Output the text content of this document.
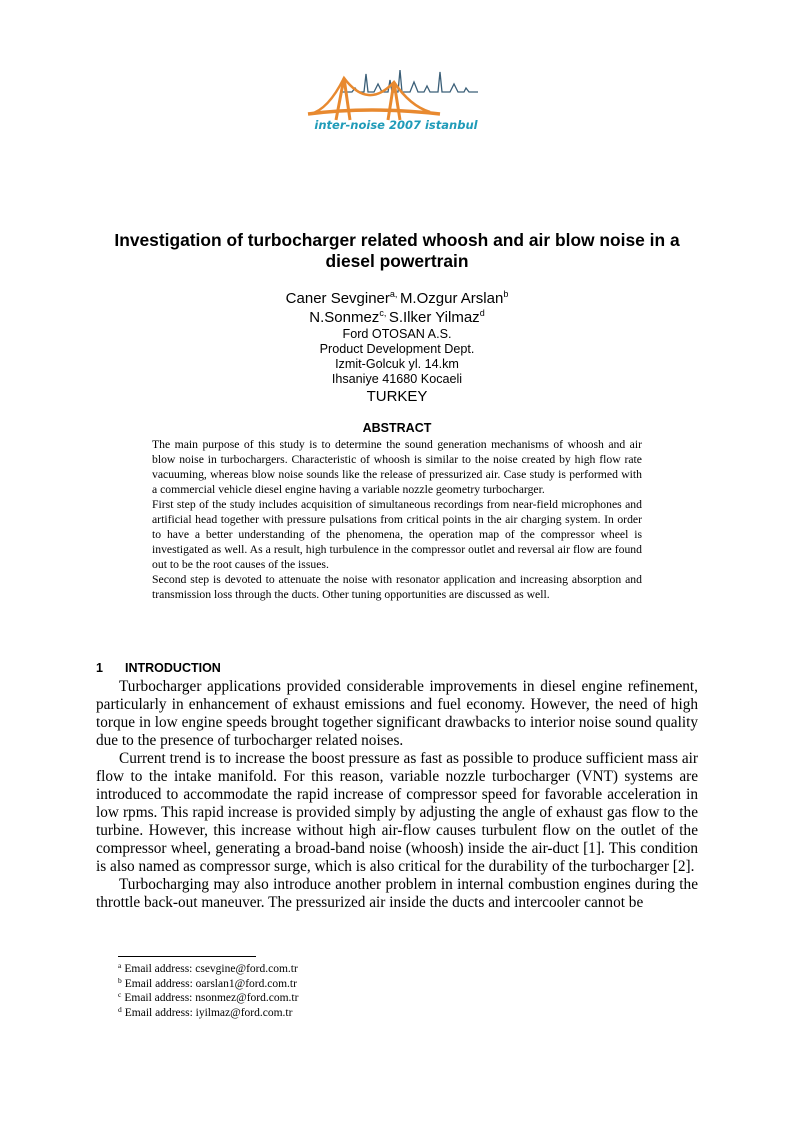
inter-noise 2007 istanbul
Investigation of turbocharger related whoosh and air blow noise in a diesel powertrain
Caner Sevginer$^{a,}$ M.Ozgur Arslan$^b$
N.Sonmez$^{c,}$ S.Ilker Yilmaz$^d$
Ford OTOSAN A.S.
Product Development Dept.
Izmit-Golcuk yl. 14.km
Ihsaniye 41680 Kocaeli
TURKEY
ABSTRACT

The main purpose of this study is to determine the sound generation mechanisms of whoosh and air blow noise in turbochargers. Characteristic of whoosh is similar to the noise created by high flow rate vacuuming, whereas blow noise sounds like the release of pressurized air. Case study is performed with a commercial vehicle diesel engine having a variable nozzle geometry turbocharger.

First step of the study includes acquisition of simultaneous recordings from near-field microphones and artificial head together with pressure pulsations from critical points in the air charging system. In order to have a better understanding of the phenomena, the operation map of the compressor wheel is investigated as well. As a result, high turbulence in the compressor outlet and reversal air flow are found out to be the root causes of the issues.

Second step is devoted to attenuate the noise with resonator application and increasing absorption and transmission loss through the ducts. Other tuning opportunities are discussed as well.

1 INTRODUCTION

Turbocharger applications provided considerable improvements in diesel engine refinement, particularly in enhancement of exhaust emissions and fuel economy. However, the need of high torque in low engine speeds brought together significant drawbacks to interior noise sound quality due to the presence of turbocharger related noises.

Current trend is to increase the boost pressure as fast as possible to produce sufficient mass air flow to the intake manifold. For this reason, variable nozzle turbocharger (VNT) systems are introduced to accommodate the rapid increase of compressor speed for favorable acceleration in low rpms. This rapid increase is provided simply by adjusting the angle of exhaust gas flow to the turbine. However, this increase without high air-flow causes turbulent flow on the outlet of the compressor wheel, generating a broad-band noise (whoosh) inside the air-duct [1]. This condition is also named as compressor surge, which is also critical for the durability of the turbocharger [2].

Turbocharging may also introduce another problem in internal combustion engines during the throttle back-out maneuver. The pressurized air inside the ducts and intercooler cannot be

$^a$ Email address: csevgine@ford.com.tr
$^b$ Email address: oarslan1@ford.com.tr
$^c$ Email address: nsonmez@ford.com.tr
$^d$ Email address: iyilmaz@ford.com.tr
